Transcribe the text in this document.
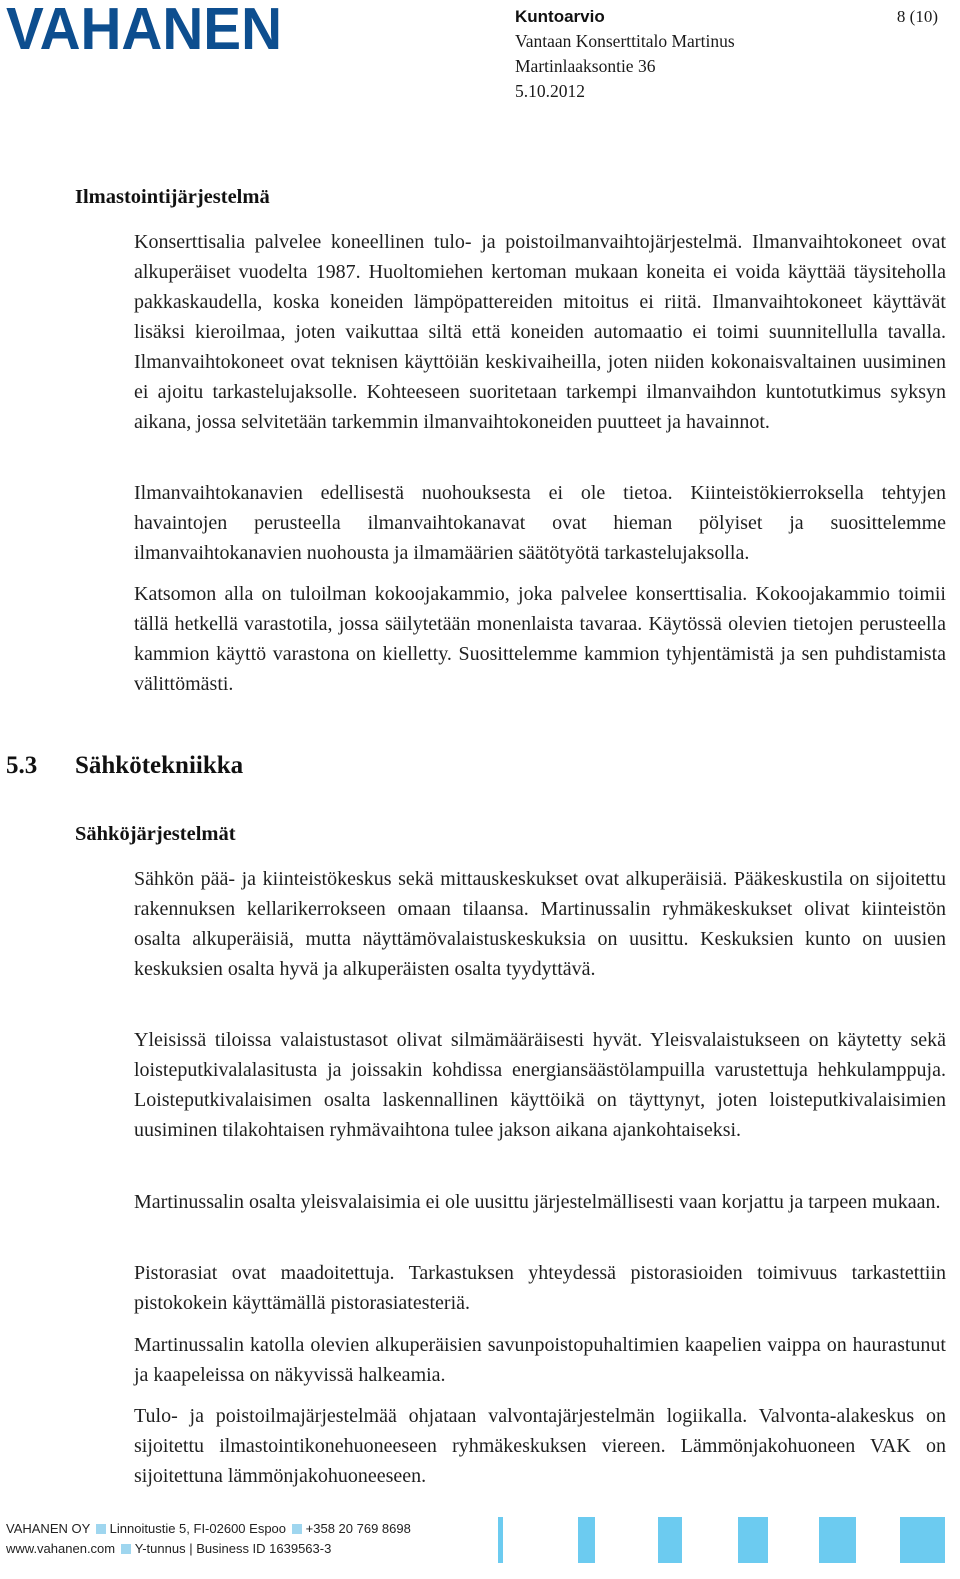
VAHANEN	Kuntoarvio	8 (10)
Vantaan Konserttitalo Martinus
Martinlaaksontie 36
5.10.2012
Ilmastointijärjestelmä

Konserttisalia palvelee koneellinen tulo- ja poistoilmanvaihtojärjestelmä. Ilmanvaihtokoneet ovat alkuperäiset vuodelta 1987. Huoltomiehen kertoman mukaan koneita ei voida käyttää täysiteholla pakkaskaudella, koska koneiden lämpöpattereiden mitoitus ei riitä. Ilmanvaihtokoneet käyttävät lisäksi kieroilmaa, joten vaikuttaa siltä että koneiden automaatio ei toimi suunnitellulla tavalla. Ilmanvaihtokoneet ovat teknisen käyttöiän keskivaiheilla, joten niiden kokonaisvaltainen uusiminen ei ajoitu tarkastelujaksolle. Kohteeseen suoritetaan tarkempi ilmanvaihdon kuntotutkimus syksyn aikana, jossa selvitetään tarkemmin ilmanvaihtokoneiden puutteet ja havainnot.

Ilmanvaihtokanavien edellisestä nuohouksesta ei ole tietoa. Kiinteistökierroksella tehtyjen havaintojen perusteella ilmanvaihtokanavat ovat hieman pölyiset ja suosittelemme ilmanvaihtokanavien nuohousta ja ilmamäärien säätötyötä tarkastelujaksolla.

Katsomon alla on tuloilman kokoojakammio, joka palvelee konserttisalia. Kokoojakammio toimii tällä hetkellä varastotila, jossa säilytetään monenlaista tavaraa. Käytössä olevien tietojen perusteella kammion käyttö varastona on kielletty. Suosittelemme kammion tyhjentämistä ja sen puhdistamista välittömästi.

5.3 Sähkötekniikka
Sähköjärjestelmät

Sähkön pää- ja kiinteistökeskus sekä mittauskeskukset ovat alkuperäisiä. Pääkeskustila on sijoitettu rakennuksen kellarikerrokseen omaan tilaansa. Martinussalin ryhmäkeskukset olivat kiinteistön osalta alkuperäisiä, mutta näyttämövalaistuskeskuksia on uusittu. Keskuksien kunto on uusien keskuksien osalta hyvä ja alkuperäisten osalta tyydyttävä.

Yleisissä tiloissa valaistustasot olivat silmämääräisesti hyvät. Yleisvalaistukseen on käytetty sekä loisteputkivalalasitusta ja joissakin kohdissa energiansäästölampuilla varustettuja hehkulamppuja. Loisteputkivalaisimen osalta laskennallinen käyttöikä on täyttynyt, joten loisteputkivalaisimien uusiminen tilakohtaisen ryhmävaihtona tulee jakson aikana ajankohtaiseksi.

Martinussalin osalta yleisvalaisimia ei ole uusittu järjestelmällisesti vaan korjattu ja tarpeen mukaan.

Pistorasiat ovat maadoitettuja. Tarkastuksen yhteydessä pistorasioiden toimivuus tarkastettiin pistokokein käyttämällä pistorasiatesteriä.

Martinussalin katolla olevien alkuperäisien savunpoistopuhaltimien kaapelien vaippa on haurastunut ja kaapeleissa on näkyvissä halkeamia.

Tulo- ja poistoilmajärjestelmää ohjataan valvontajärjestelmän logiikalla. Valvonta-alakeskus on sijoitettu ilmastointikonehuoneeseen ryhmäkeskuksen viereen. Lämmönjakohuoneen VAK on sijoitettuna lämmönjakohuoneeseen.

VAHANEN OY Linnoitustie 5, FI-02600 Espoo +358 20 769 8698
www.vahanen.com Y-tunnus | Business ID 1639563-3
